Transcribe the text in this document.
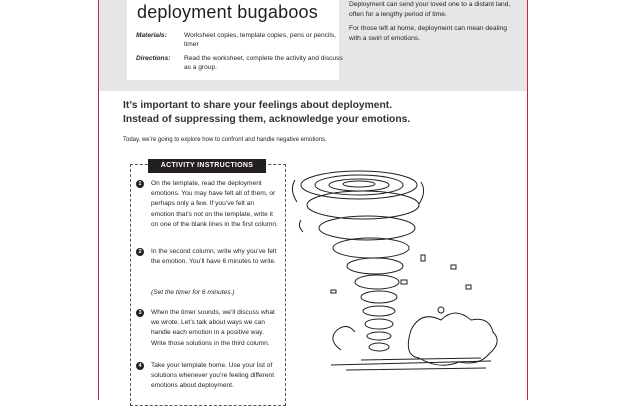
deployment bugaboos
Materials:	Worksheet copies, template copies, pens or pencils, timer
Directions: Read the worksheet, complete the activity and discuss as a group.

Deployment can send your loved one to a distant land, often for a lengthy period of time.

For those left at home, deployment can mean dealing with a swirl of emotions.

It’s important to share your feelings about deployment.
Instead of suppressing them, acknowledge your emotions.
Today, we’re going to explore how to confront and handle negative emotions.
ACTIVITY INSTRUCTIONS
1	On the template, read the deployment emotions. You may have felt all of them, or perhaps only a few. If you’ve felt an emotion that’s not on the template, write it on one of the blank lines in the first column.
2	In the second column, write why you’ve felt the emotion. You’ll have 6 minutes to write.
(Set the timer for 6 minutes.)
3	When the timer sounds, we’ll discuss what we wrote. Let’s talk about ways we can handle each emotion in a positive way. Write those solutions in the third column.
4	Take your template home. Use your list of solutions whenever you’re feeling different emotions about deployment.
